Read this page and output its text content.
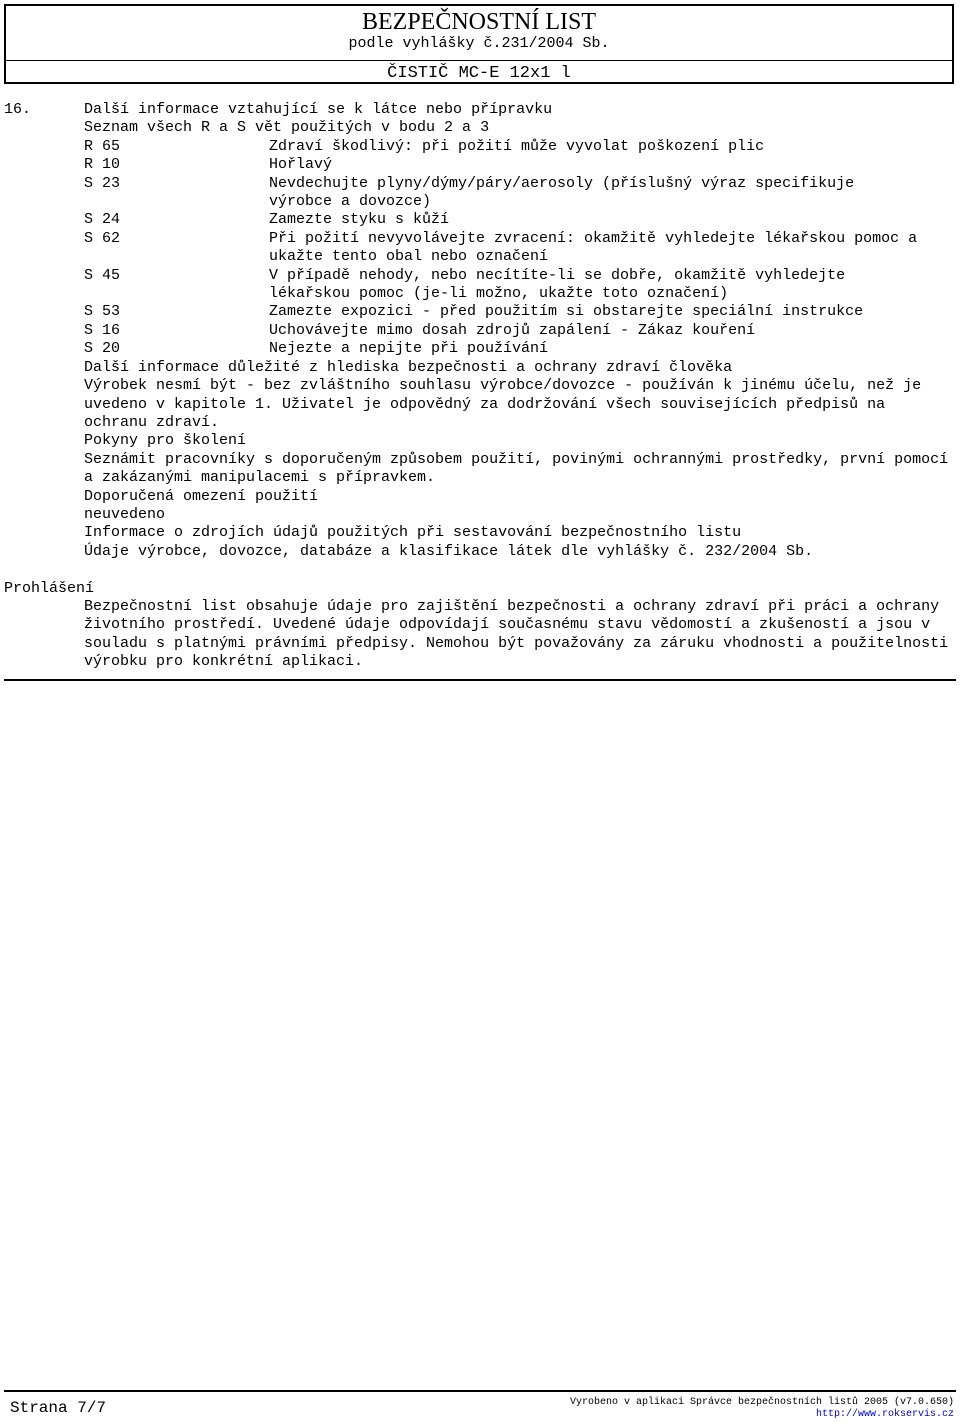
BEZPEČNOSTNÍ LIST
podle vyhlášky č.231/2004 Sb.
ČISTIČ MC-E 12x1 l
16.	Další informace vztahující se k látce nebo přípravku
Seznam všech R a S vět použitých v bodu 2 a 3
R 65	Zdraví škodlivý: při požití může vyvolat poškození plic
R 10	Hořlavý
S 23	Nevdechujte plyny/dýmy/páry/aerosoly (příslušný výraz specifikuje výrobce a dovozce)
S 24	Zamezte styku s kůží
S 62	Při požití nevyvolávejte zvracení: okamžitě vyhledejte lékařskou pomoc a ukažte tento obal nebo označení
S 45	V případě nehody, nebo necítíte-li se dobře, okamžitě vyhledejte lékařskou pomoc (je-li možno, ukažte toto označení)
S 53	Zamezte expozici - před použitím si obstarejte speciální instrukce
S 16	Uchovávejte mimo dosah zdrojů zapálení - Zákaz kouření
S 20	Nejezte a nepijte při používání
Další informace důležité z hlediska bezpečnosti a ochrany zdraví člověka
Výrobek nesmí být - bez zvláštního souhlasu výrobce/dovozce - používán k jinému účelu, než je uvedeno v kapitole 1. Uživatel je odpovědný za dodržování všech souvisejících předpisů na ochranu zdraví.
Pokyny pro školení
Seznámit pracovníky s doporučeným způsobem použití, povinými ochrannými prostředky, první pomocí a zakázanými manipulacemi s přípravkem.
Doporučená omezení použití
neuvedeno
Informace o zdrojích údajů použitých při sestavování bezpečnostního listu
Údaje výrobce, dovozce, databáze a klasifikace látek dle vyhlášky č. 232/2004 Sb.
Prohlášení
Bezpečnostní list obsahuje údaje pro zajištění bezpečnosti a ochrany zdraví při práci a ochrany životního prostředí. Uvedené údaje odpovídají současnému stavu vědomostí a zkušeností a jsou v souladu s platnými právními předpisy. Nemohou být považovány za záruku vhodnosti a použitelnosti výrobku pro konkrétní aplikaci.
Strana 7/7	Vyrobeno v aplikaci Správce bezpečnostních listů 2005 (v7.0.650)
http://www.rokservis.cz
